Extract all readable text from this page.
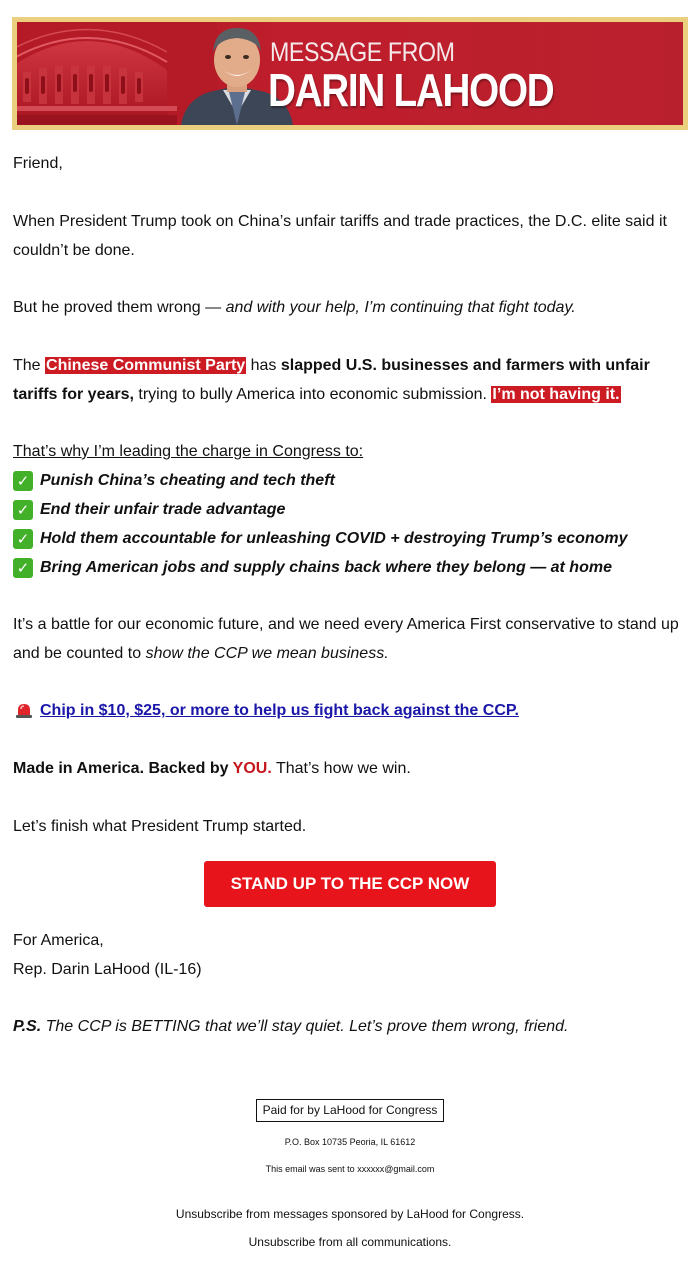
MESSAGE FROM
DARIN LAHOOD
Friend,
When President Trump took on China’s unfair tariffs and trade practices, the D.C. elite said it couldn’t be done.
But he proved them wrong — and with your help, I’m continuing that fight today.
The Chinese Communist Party has slapped U.S. businesses and farmers with unfair tariffs for years, trying to bully America into economic submission. I’m not having it.
That’s why I’m leading the charge in Congress to:
✓ Punish China’s cheating and tech theft
✓ End their unfair trade advantage
✓ Hold them accountable for unleashing COVID + destroying Trump’s economy
✓ Bring American jobs and supply chains back where they belong — at home
It’s a battle for our economic future, and we need every America First conservative to stand up and be counted to show the CCP we mean business.
Chip in $10, $25, or more to help us fight back against the CCP.
Made in America. Backed by YOU. That’s how we win.
Let’s finish what President Trump started.
STAND UP TO THE CCP NOW
For America,
Rep. Darin LaHood (IL-16)
P.S. The CCP is BETTING that we’ll stay quiet. Let’s prove them wrong, friend.
Paid for by LaHood for Congress
P.O. Box 10735 Peoria, IL 61612
This email was sent to xxxxxx@gmail.com
Unsubscribe from messages sponsored by LaHood for Congress.
Unsubscribe from all communications.
